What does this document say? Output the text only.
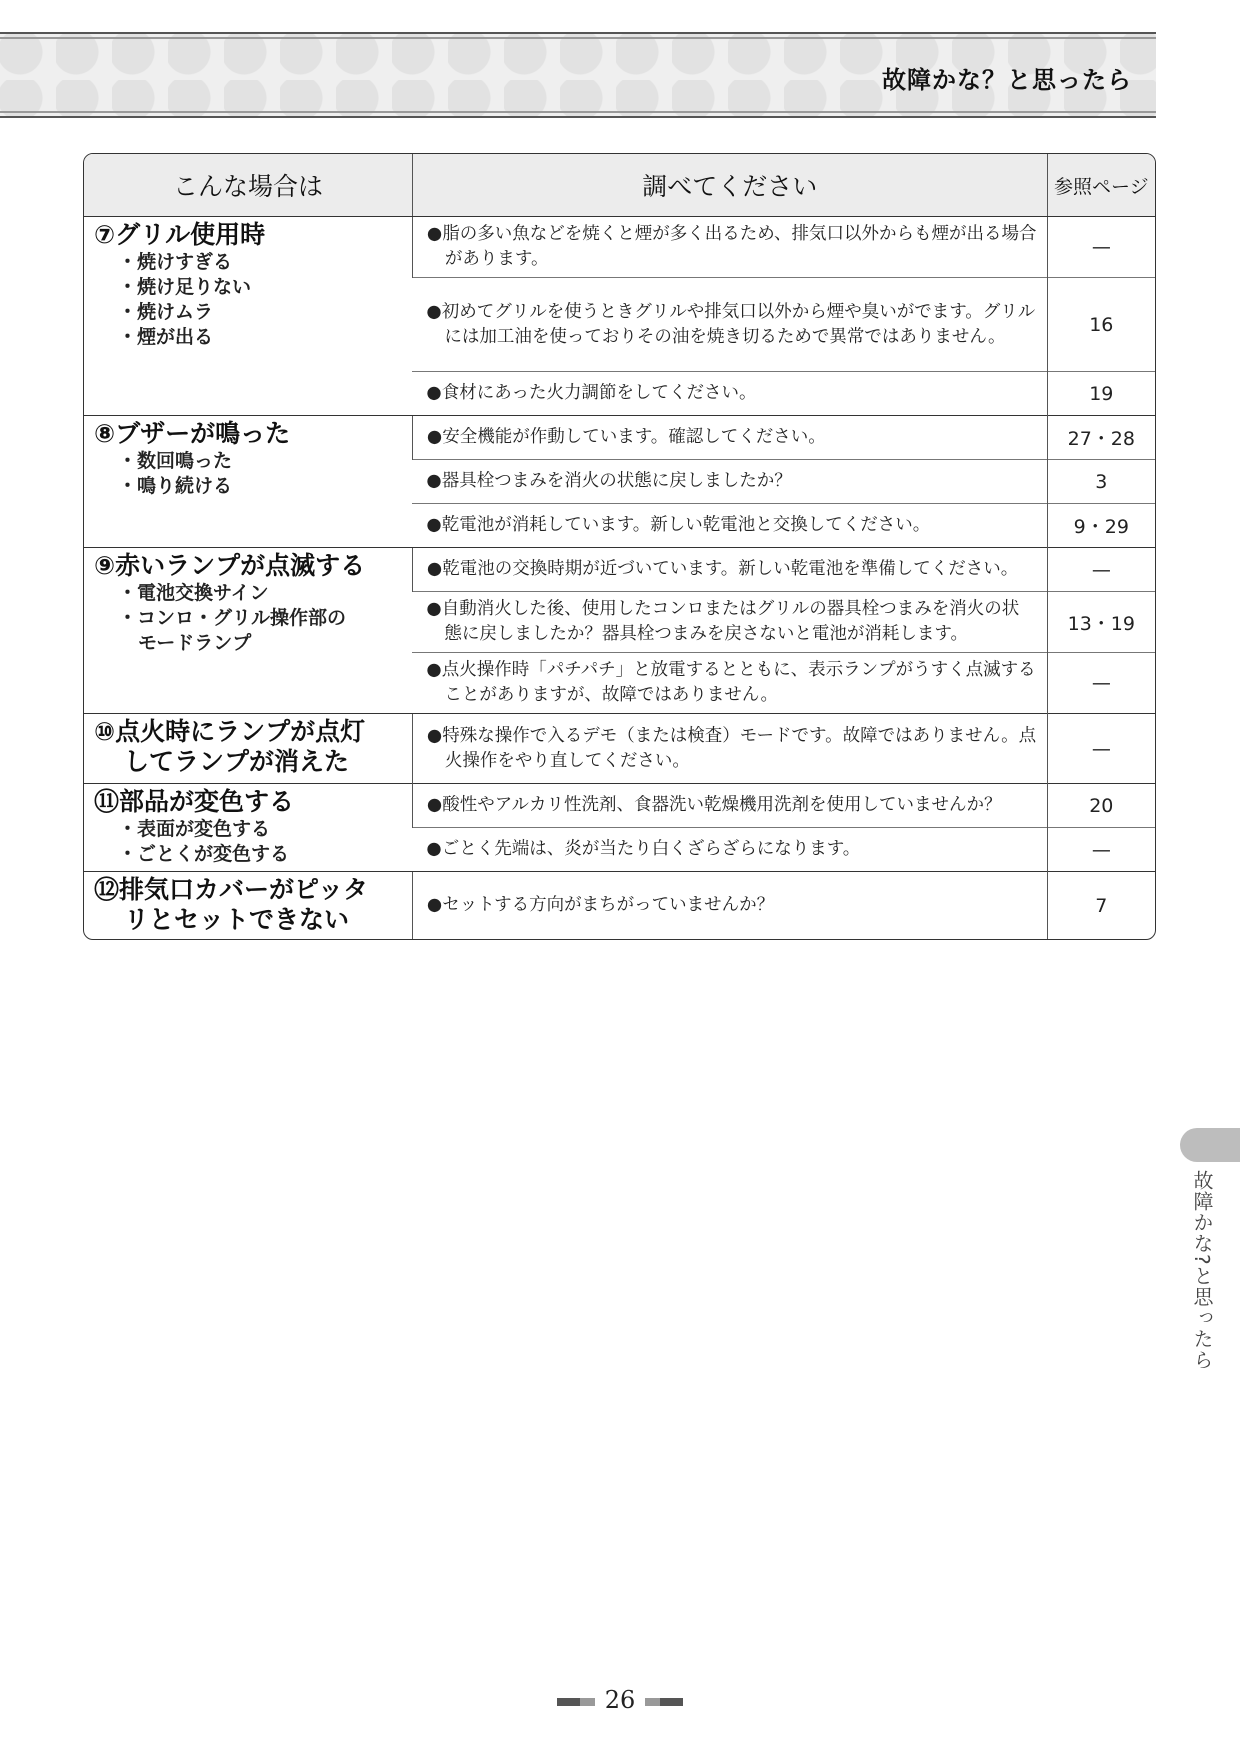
故障かな？と思ったら
こんな場合は	調べてください	参照ページ

⑦グリル使用時
・焼けすぎる
・焼け足りない
・焼けムラ
・煙が出る	●脂の多い魚などを焼くと煙が多く出るため、排気口以外からも煙が出る場合があります。	—

	●初めてグリルを使うときグリルや排気口以外から煙や臭いがでます。グリルには加工油を使っておりその油を焼き切るためで異常ではありません。	16

	●食材にあった火力調節をしてください。	19

⑧ブザーが鳴った
・数回鳴った
・鳴り続ける	●安全機能が作動しています。確認してください。	27・28

	●器具栓つまみを消火の状態に戻しましたか？	3

	●乾電池が消耗しています。新しい乾電池と交換してください。	9・29

⑨赤いランプが点滅する
・電池交換サイン
・コンロ・グリル操作部の
モードランプ	●乾電池の交換時期が近づいています。新しい乾電池を準備してください。	—

	●自動消火した後、使用したコンロまたはグリルの器具栓つまみを消火の状態に戻しましたか？器具栓つまみを戻さないと電池が消耗します。	13・19

	●点火操作時「パチパチ」と放電するとともに、表示ランプがうすく点滅することがありますが、故障ではありません。	—

⑩点火時にランプが点灯
してランプが消えた	●特殊な操作で入るデモ（または検査）モードです。故障ではありません。点火操作をやり直してください。	—

⑪部品が変色する
・表面が変色する
・ごとくが変色する	●酸性やアルカリ性洗剤、食器洗い乾燥機用洗剤を使用していませんか？	20

	●ごとく先端は、炎が当たり白くざらざらになります。	—

⑫排気口カバーがピッタ
リとセットできない	●セットする方向がまちがっていませんか？	7
26
故障かな?と思ったら
